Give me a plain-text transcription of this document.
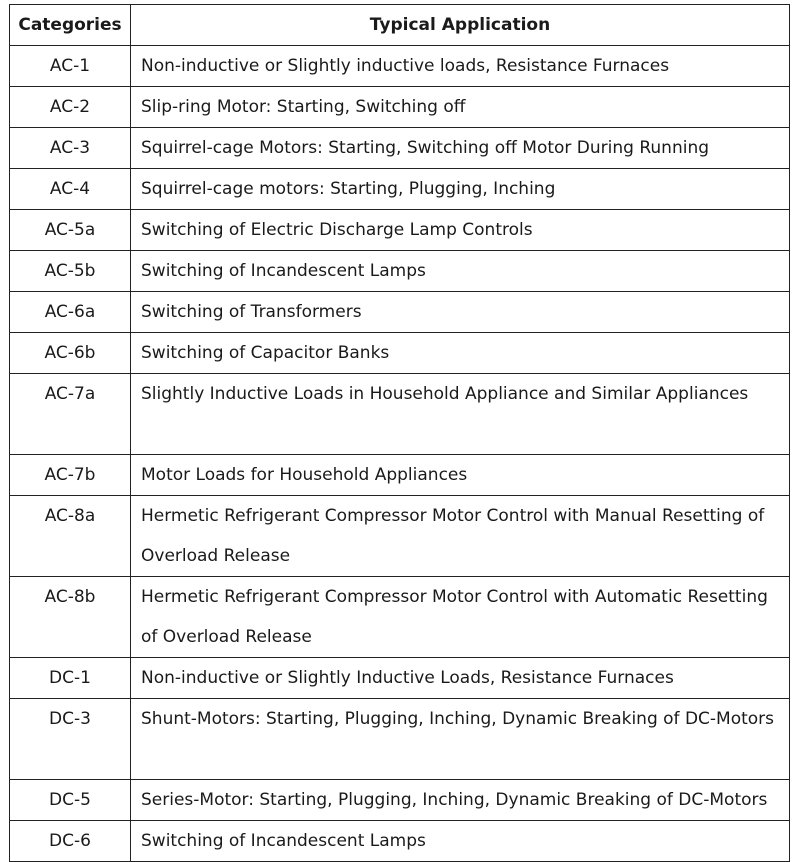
Categories	Typical Application
AC-1	Non-inductive or Slightly inductive loads, Resistance Furnaces
AC-2	Slip-ring Motor: Starting, Switching off
AC-3	Squirrel-cage Motors: Starting, Switching off Motor During Running
AC-4	Squirrel-cage motors: Starting, Plugging, Inching
AC-5a	Switching of Electric Discharge Lamp Controls
AC-5b	Switching of Incandescent Lamps
AC-6a	Switching of Transformers
AC-6b	Switching of Capacitor Banks
AC-7a	Slightly Inductive Loads in Household Appliance and Similar Appliances
AC-7b	Motor Loads for Household Appliances
AC-8a	Hermetic Refrigerant Compressor Motor Control with Manual Resetting of Overload Release
AC-8b	Hermetic Refrigerant Compressor Motor Control with Automatic Resetting of Overload Release
DC-1	Non-inductive or Slightly Inductive Loads, Resistance Furnaces
DC-3	Shunt-Motors: Starting, Plugging, Inching, Dynamic Breaking of DC-Motors
DC-5	Series-Motor: Starting, Plugging, Inching, Dynamic Breaking of DC-Motors
DC-6	Switching of Incandescent Lamps
